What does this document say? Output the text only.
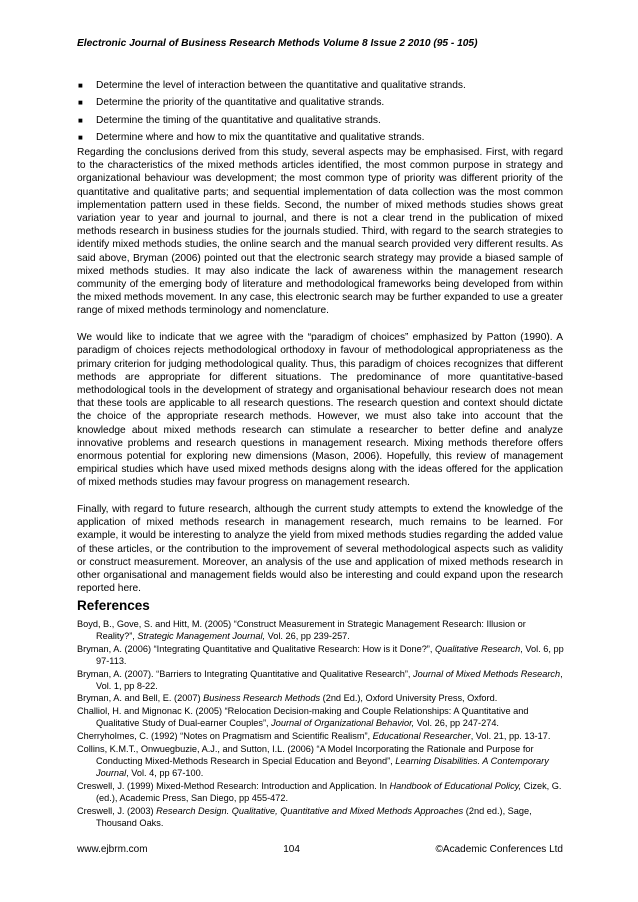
Electronic Journal of Business Research Methods Volume 8 Issue 2 2010 (95 - 105)
■ Determine the level of interaction between the quantitative and qualitative strands.
■ Determine the priority of the quantitative and qualitative strands.
■ Determine the timing of the quantitative and qualitative strands.
■ Determine where and how to mix the quantitative and qualitative strands.

Regarding the conclusions derived from this study, several aspects may be emphasised. First, with regard to the characteristics of the mixed methods articles identified, the most common purpose in strategy and organizational behaviour was development; the most common type of priority was different priority of the quantitative and qualitative parts; and sequential implementation of data collection was the most common implementation pattern used in these fields. Second, the number of mixed methods studies shows great variation year to year and journal to journal, and there is not a clear trend in the publication of mixed methods research in business studies for the journals studied. Third, with regard to the search strategies to identify mixed methods studies, the online search and the manual search provided very different results. As said above, Bryman (2006) pointed out that the electronic search strategy may provide a biased sample of mixed methods studies. It may also indicate the lack of awareness within the management research community of the emerging body of literature and methodological frameworks being developed from within the mixed methods movement. In any case, this electronic search may be further expanded to use a greater range of mixed methods terminology and nomenclature.

We would like to indicate that we agree with the “paradigm of choices” emphasized by Patton (1990). A paradigm of choices rejects methodological orthodoxy in favour of methodological appropriateness as the primary criterion for judging methodological quality. Thus, this paradigm of choices recognizes that different methods are appropriate for different situations. The predominance of more quantitative-based methodological tools in the development of strategy and organisational behaviour research does not mean that these tools are applicable to all research questions. The research question and context should dictate the choice of the appropriate research methods. However, we must also take into account that the knowledge about mixed methods research can stimulate a researcher to better define and analyze innovative problems and research questions in management research. Mixing methods therefore offers enormous potential for exploring new dimensions (Mason, 2006). Hopefully, this review of management empirical studies which have used mixed methods designs along with the ideas offered for the application of mixed methods studies may favour progress on management research.

Finally, with regard to future research, although the current study attempts to extend the knowledge of the application of mixed methods research in management research, much remains to be learned. For example, it would be interesting to analyze the yield from mixed methods studies regarding the added value of these articles, or the contribution to the improvement of several methodological aspects such as validity or construct measurement. Moreover, an analysis of the use and application of mixed methods research in other organisational and management fields would also be interesting and could expand upon the research reported here.

References
Boyd, B., Gove, S. and Hitt, M. (2005) “Construct Measurement in Strategic Management Research: Illusion or Reality?”, Strategic Management Journal, Vol. 26, pp 239-257.
Bryman, A. (2006) “Integrating Quantitative and Qualitative Research: How is it Done?”, Qualitative Research, Vol. 6, pp 97-113.
Bryman, A. (2007). “Barriers to Integrating Quantitative and Qualitative Research”, Journal of Mixed Methods Research, Vol. 1, pp 8-22.
Bryman, A. and Bell, E. (2007) Business Research Methods (2nd Ed.), Oxford University Press, Oxford.
Challiol, H. and Mignonac K. (2005) “Relocation Decision-making and Couple Relationships: A Quantitative and Qualitative Study of Dual-earner Couples”, Journal of Organizational Behavior, Vol. 26, pp 247-274.
Cherryholmes, C. (1992) “Notes on Pragmatism and Scientific Realism”, Educational Researcher, Vol. 21, pp. 13-17.
Collins, K.M.T., Onwuegbuzie, A.J., and Sutton, I.L. (2006) “A Model Incorporating the Rationale and Purpose for Conducting Mixed-Methods Research in Special Education and Beyond”, Learning Disabilities. A Contemporary Journal, Vol. 4, pp 67-100.
Creswell, J. (1999) Mixed-Method Research: Introduction and Application. In Handbook of Educational Policy, Cizek, G. (ed.), Academic Press, San Diego, pp 455-472.
Creswell, J. (2003) Research Design. Qualitative, Quantitative and Mixed Methods Approaches (2nd ed.), Sage, Thousand Oaks.
www.ejbrm.com	104	©Academic Conferences Ltd
